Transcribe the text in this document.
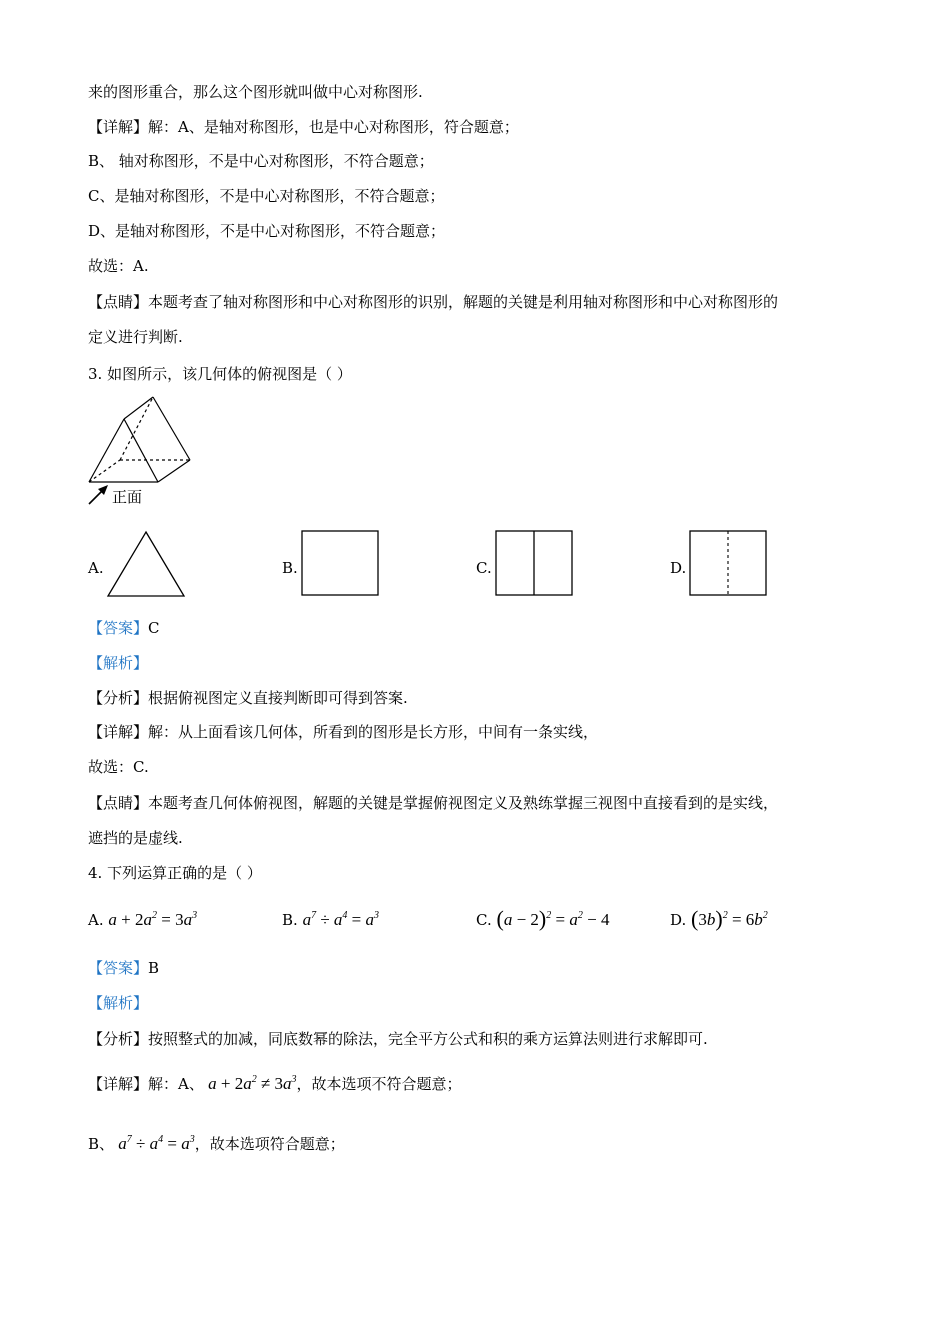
来的图形重合，那么这个图形就叫做中心对称图形.
【详解】解：A、是轴对称图形，也是中心对称图形，符合题意；
B、 轴对称图形，不是中心对称图形，不符合题意；
C、是轴对称图形，不是中心对称图形，不符合题意；
D、是轴对称图形，不是中心对称图形，不符合题意；
故选：A.
【点睛】本题考查了轴对称图形和中心对称图形的识别，解题的关键是利用轴对称图形和中心对称图形的
定义进行判断.
3. 如图所示，该几何体的俯视图是（ ）
正面
A.	B.	C.	D.
【答案】C
【解析】
【分析】根据俯视图定义直接判断即可得到答案.
【详解】解：从上面看该几何体，所看到的图形是长方形，中间有一条实线，
故选：C.
【点睛】本题考查几何体俯视图，解题的关键是掌握俯视图定义及熟练掌握三视图中直接看到的是实线，
遮挡的是虚线.
4. 下列运算正确的是（ ）
A. $a + 2a^2 = 3a^3$	B. $a^7 \div a^4 = a^3$	C. $(a - 2)^2 = a^2 - 4$	D. $(3b)^2 = 6b^2$
【答案】B
【解析】
【分析】按照整式的加减，同底数幂的除法，完全平方公式和积的乘方运算法则进行求解即可.
【详解】解：A、 $a + 2a^2 \ne 3a^3$，故本选项不符合题意；
B、 $a^7 \div a^4 = a^3$，故本选项符合题意；
